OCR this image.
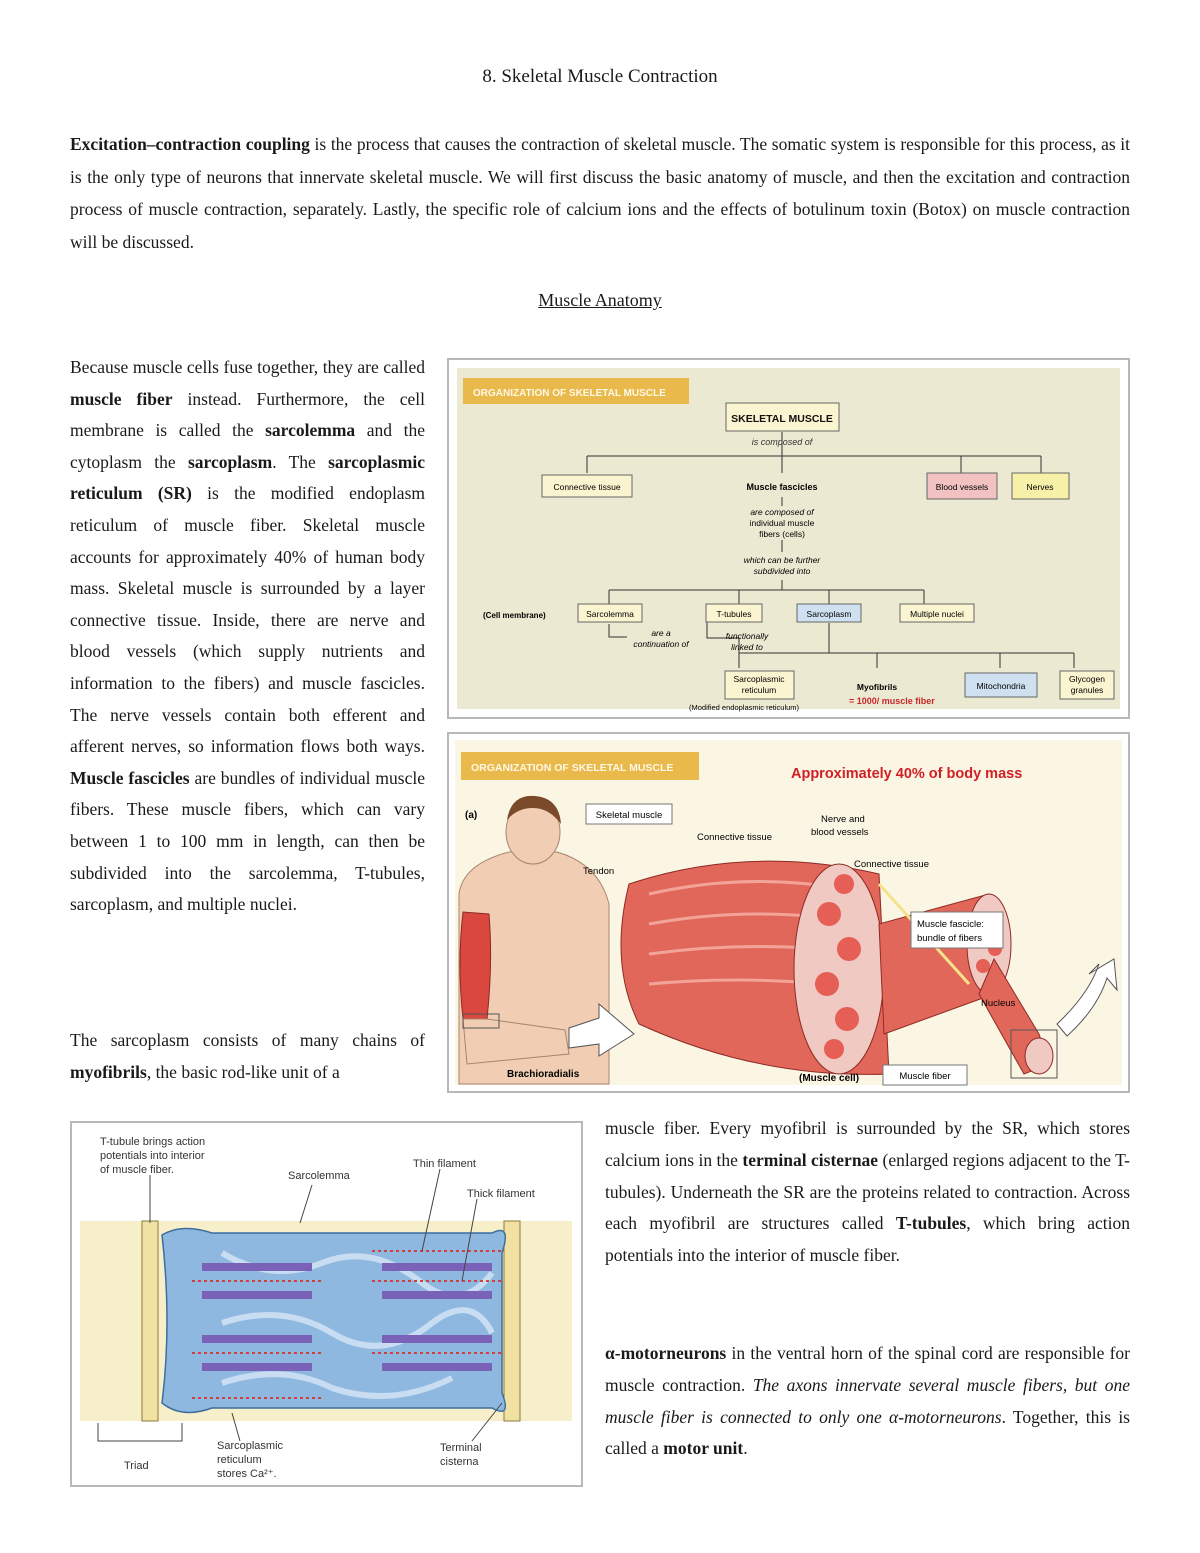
8. Skeletal Muscle Contraction
Excitation–contraction coupling is the process that causes the contraction of skeletal muscle. The somatic system is responsible for this process, as it is the only type of neurons that innervate skeletal muscle. We will first discuss the basic anatomy of muscle, and then the excitation and contraction process of muscle contraction, separately. Lastly, the specific role of calcium ions and the effects of botulinum toxin (Botox) on muscle contraction will be discussed.
Muscle Anatomy
Because muscle cells fuse together, they are called muscle fiber instead. Furthermore, the cell membrane is called the sarcolemma and the cytoplasm the sarcoplasm. The sarcoplasmic reticulum (SR) is the modified endoplasm reticulum of muscle fiber. Skeletal muscle accounts for approximately 40% of human body mass. Skeletal muscle is surrounded by a layer connective tissue. Inside, there are nerve and blood vessels (which supply nutrients and information to the fibers) and muscle fascicles. The nerve vessels contain both efferent and afferent nerves, so information flows both ways. Muscle fascicles are bundles of individual muscle fibers. These muscle fibers, which can vary between 1 to 100 mm in length, can then be subdivided into the sarcolemma, T-tubules, sarcoplasm, and multiple nuclei.
The sarcoplasm consists of many chains of myofibrils, the basic rod-like unit of a
muscle fiber. Every myofibril is surrounded by the SR, which stores calcium ions in the terminal cisternae (enlarged regions adjacent to the T-tubules). Underneath the SR are the proteins related to contraction. Across each myofibril are structures called T-tubules, which bring action potentials into the interior of muscle fiber.
α-motorneurons in the ventral horn of the spinal cord are responsible for muscle contraction. The axons innervate several muscle fibers, but one muscle fiber is connected to only one α-motorneurons. Together, this is called a motor unit.
ORGANIZATION OF SKELETAL MUSCLE
SKELETAL MUSCLE
is composed of
Connective tissue	Muscle fascicles	Blood vessels	Nerves
are composed of
individual muscle
fibers (cells)
which can be further
subdivided into
(Cell membrane)	Sarcolemma	T-tubules	Sarcoplasm	Multiple nuclei
are a
continuation of
functionally
linked to
Sarcoplasmic
reticulum	Myofibrils	Mitochondria
Glycogen
granules
(Modified endoplasmic reticulum)
= 1000/ muscle fiber
ORGANIZATION OF SKELETAL MUSCLE	Approximately 40% of body mass
(a)
Brachioradialis
Skeletal muscle
Connective tissue
Nerve and
blood vessels
Connective tissue
Tendon
Muscle fascicle:
bundle of fibers
Nucleus
(Muscle cell)	Muscle fiber
T-tubule brings action
potentials into interior
of muscle fiber.	Sarcolemma
Thin filament
Thick filament
Triad
Sarcoplasmic
reticulum
stores Ca²⁺.
Terminal
cisterna
